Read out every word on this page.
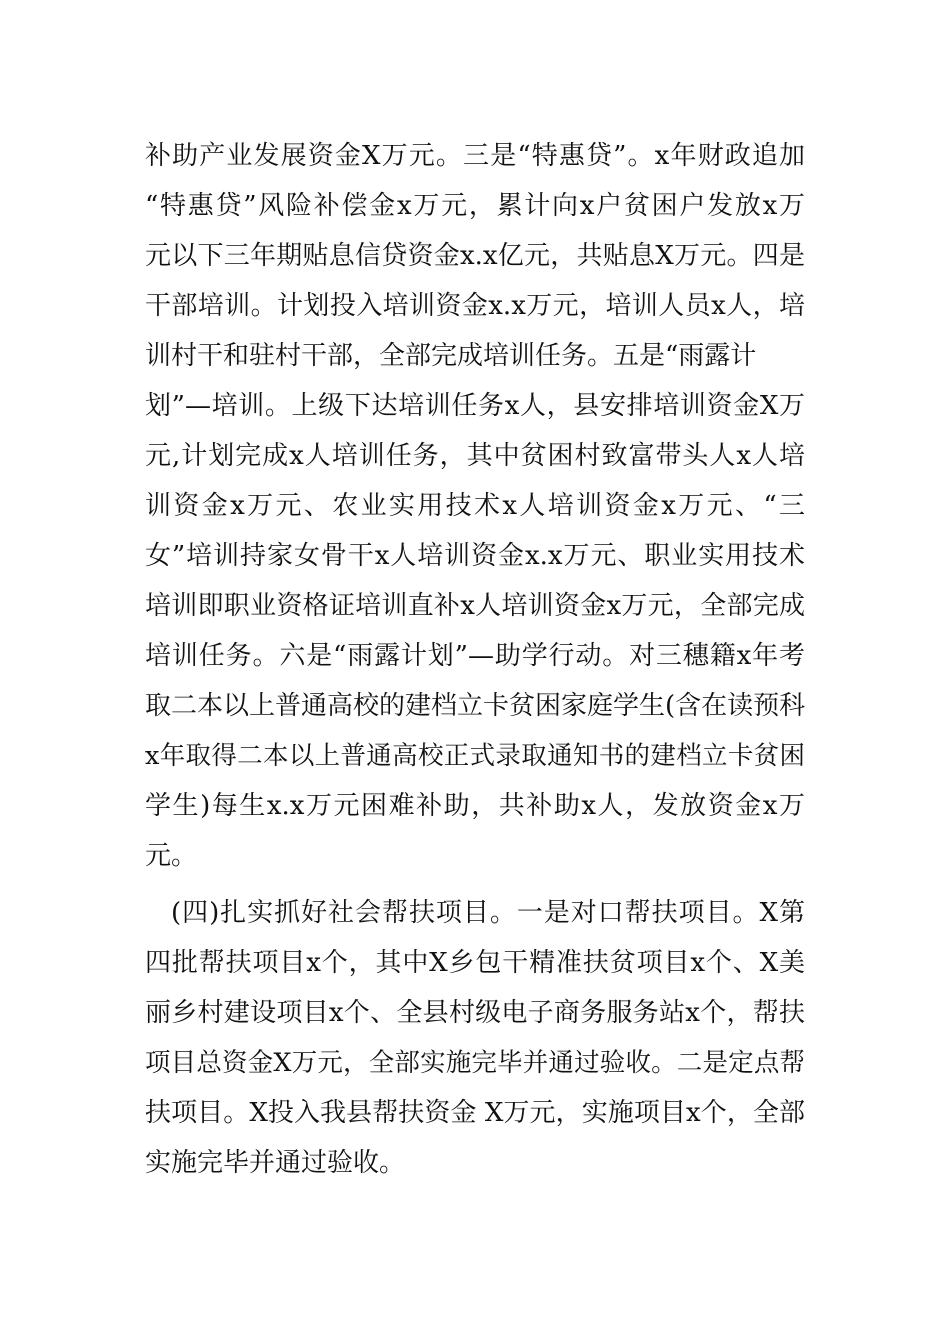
补助产业发展资金X万元。三是“特惠贷”。x年财政追加
“特惠贷”风险补偿金x万元，累计向x户贫困户发放x万
元以下三年期贴息信贷资金x.x亿元，共贴息X万元。四是
干部培训。计划投入培训资金x.x万元，培训人员x人，培
训村干和驻村干部，全部完成培训任务。五是“雨露计
划”—培训。上级下达培训任务x人，县安排培训资金X万
元,计划完成x人培训任务，其中贫困村致富带头人x人培
训资金x万元、农业实用技术x人培训资金x万元、“三
女”培训持家女骨干x人培训资金x.x万元、职业实用技术
培训即职业资格证培训直补x人培训资金x万元，全部完成
培训任务。六是“雨露计划”—助学行动。对三穗籍x年考
取二本以上普通高校的建档立卡贫困家庭学生(含在读预科
x年取得二本以上普通高校正式录取通知书的建档立卡贫困
学生)每生x.x万元困难补助，共补助x人，发放资金x万
元。
(四)扎实抓好社会帮扶项目。一是对口帮扶项目。X第
四批帮扶项目x个，其中X乡包干精准扶贫项目x个、X美
丽乡村建设项目x个、全县村级电子商务服务站x个，帮扶
项目总资金X万元，全部实施完毕并通过验收。二是定点帮
扶项目。X投入我县帮扶资金 X万元，实施项目x个，全部
实施完毕并通过验收。
